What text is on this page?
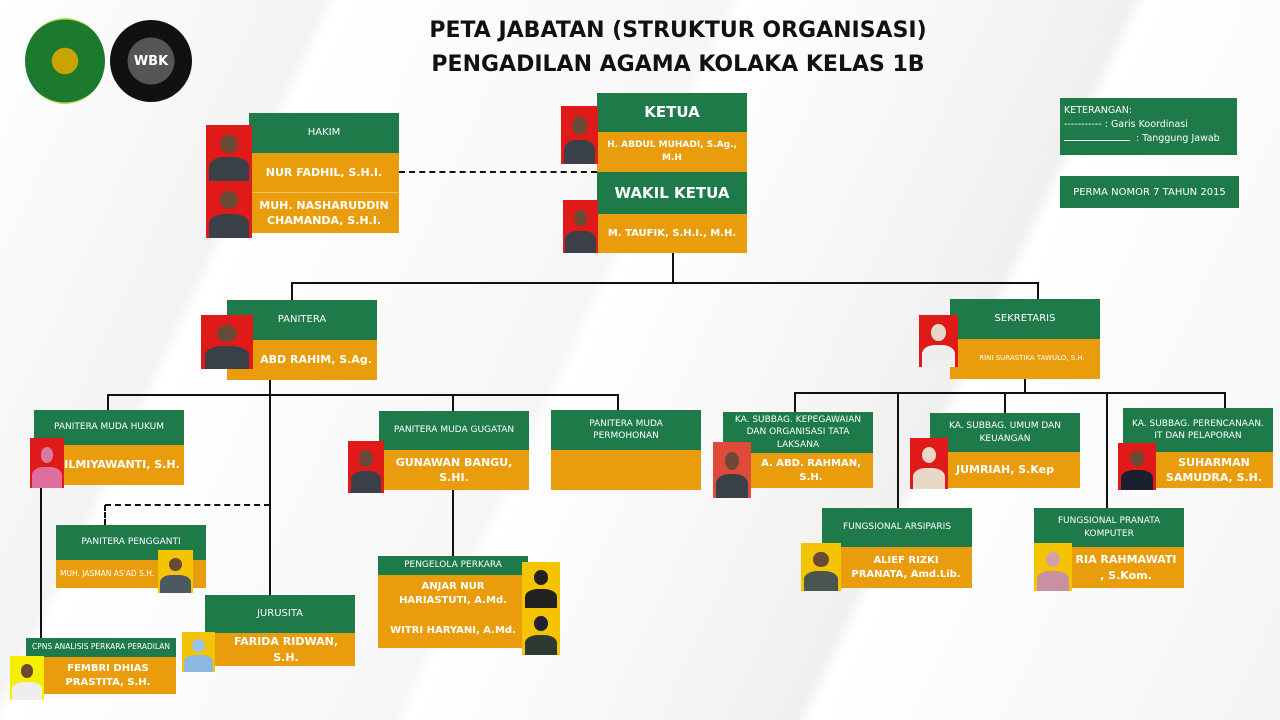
WBK
PETA JABATAN (STRUKTUR ORGANISASI)
PENGADILAN AGAMA KOLAKA KELAS 1B
KETERANGAN:
----------- : Garis Koordinasi
: Tanggung Jawab
PERMA NOMOR 7 TAHUN 2015
HAKIM
NUR FADHIL, S.H.I.
MUH. NASHARUDDIN CHAMANDA, S.H.I.
KETUA
H. ABDUL MUHADI, S.Ag., M.H
WAKIL KETUA
M. TAUFIK, S.H.I., M.H.
PANITERA
ABD RAHIM, S.Ag.
SEKRETARIS
RINI SURASTIKA TAWULO, S.H.
PANITERA MUDA HUKUM
ILMIYAWANTI, S.H.
PANITERA MUDA GUGATAN
GUNAWAN BANGU, S.HI.
PANITERA MUDA PERMOHONAN
PANITERA PENGGANTI
MUH. JASMAN AS'AD S.H.
JURUSITA
FARIDA RIDWAN, S.H.
CPNS ANALISIS PERKARA PERADILAN
FEMBRI DHIAS PRASTITA, S.H.
PENGELOLA PERKARA
ANJAR NUR HARIASTUTI, A.Md.
WITRI HARYANI, A.Md.
KA. SUBBAG. KEPEGAWAIAN DAN ORGANISASI TATA LAKSANA
A. ABD. RAHMAN, S.H.
KA. SUBBAG. UMUM DAN KEUANGAN
JUMRIAH, S.Kep
KA. SUBBAG. PERENCANAAN. IT DAN PELAPORAN
SUHARMAN SAMUDRA, S.H.
FUNGSIONAL ARSIPARIS
ALIEF RIZKI PRANATA, Amd.Lib.
FUNGSIONAL PRANATA KOMPUTER
RIA RAHMAWATI , S.Kom.
